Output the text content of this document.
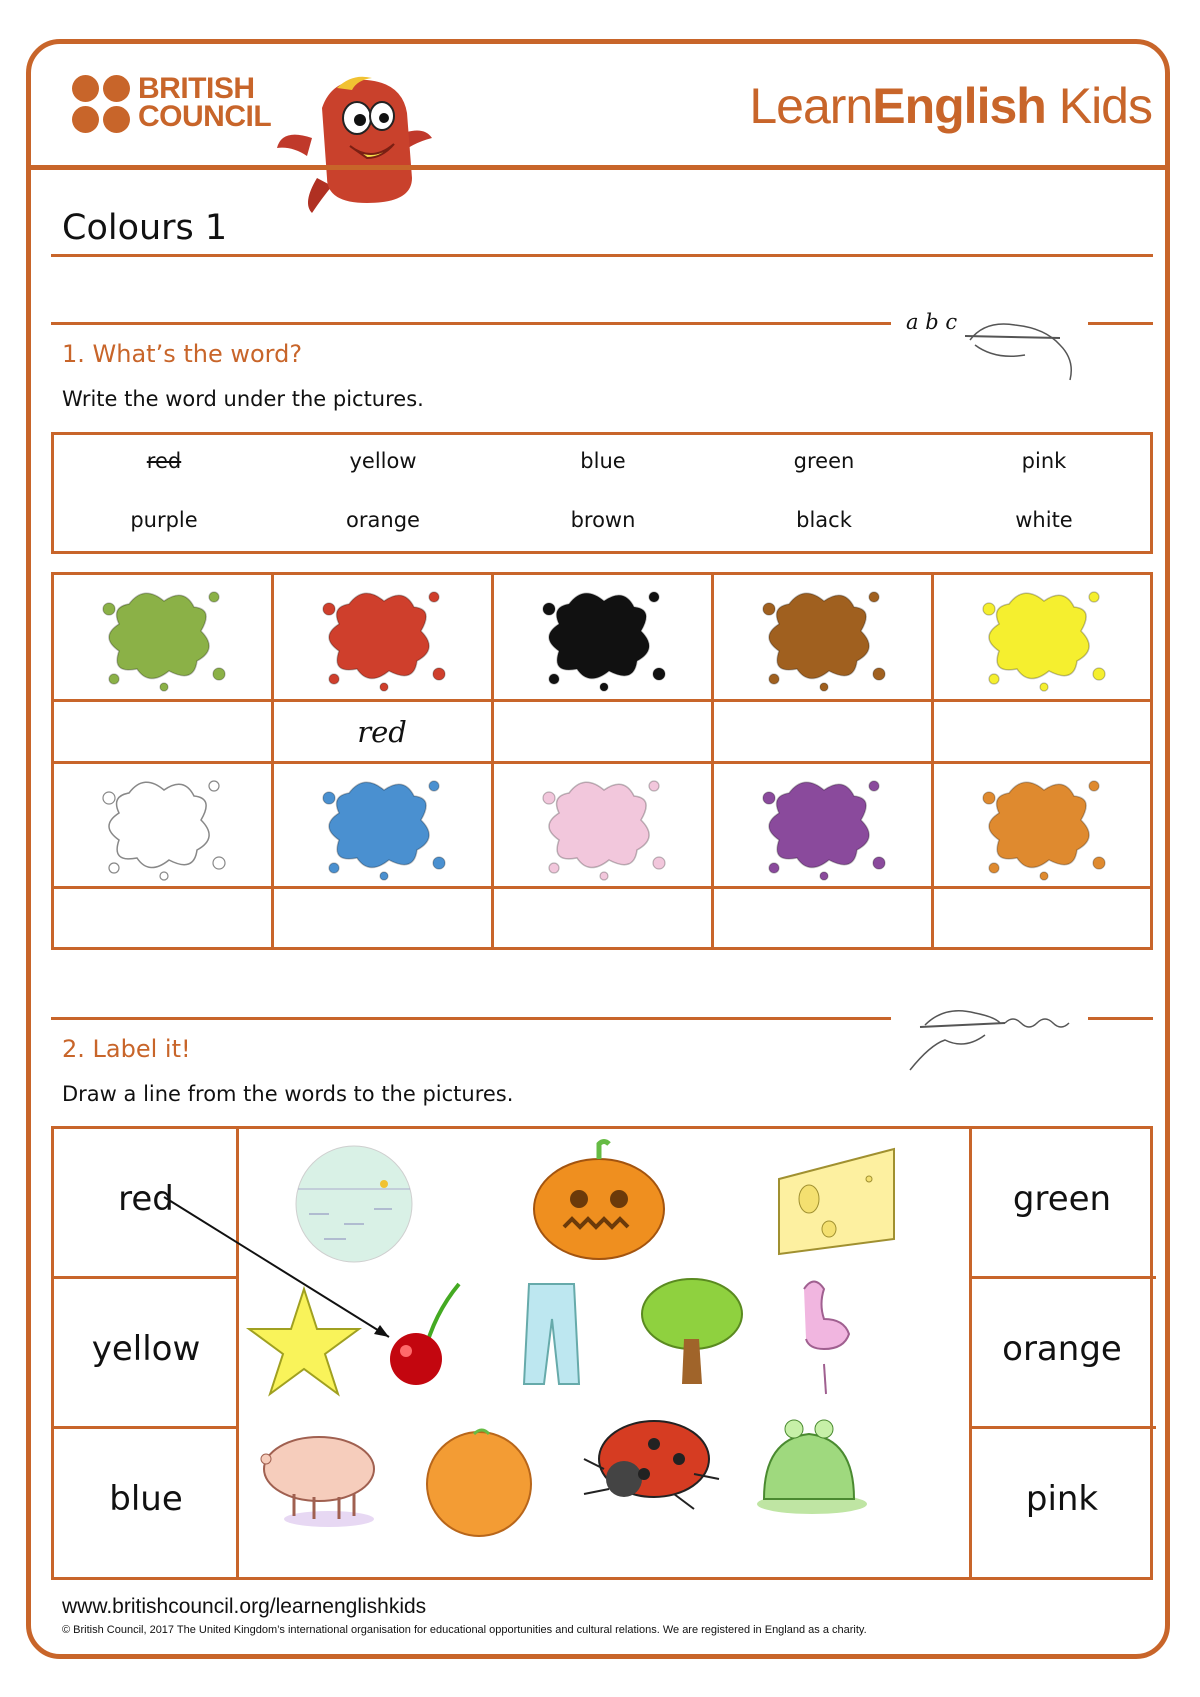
BRITISH
COUNCIL	LearnEnglish Kids
Colours 1
a b c
1. What’s the word?
Write the word under the pictures.
red	yellow	blue	green	pink
purple	orange	brown	black	white
red
2. Label it!
Draw a line from the words to the pictures.
red
yellow
blue
green
orange
pink
www.britishcouncil.org/learnenglishkids
© British Council, 2017 The United Kingdom’s international organisation for educational opportunities and cultural relations. We are registered in England as a charity.
